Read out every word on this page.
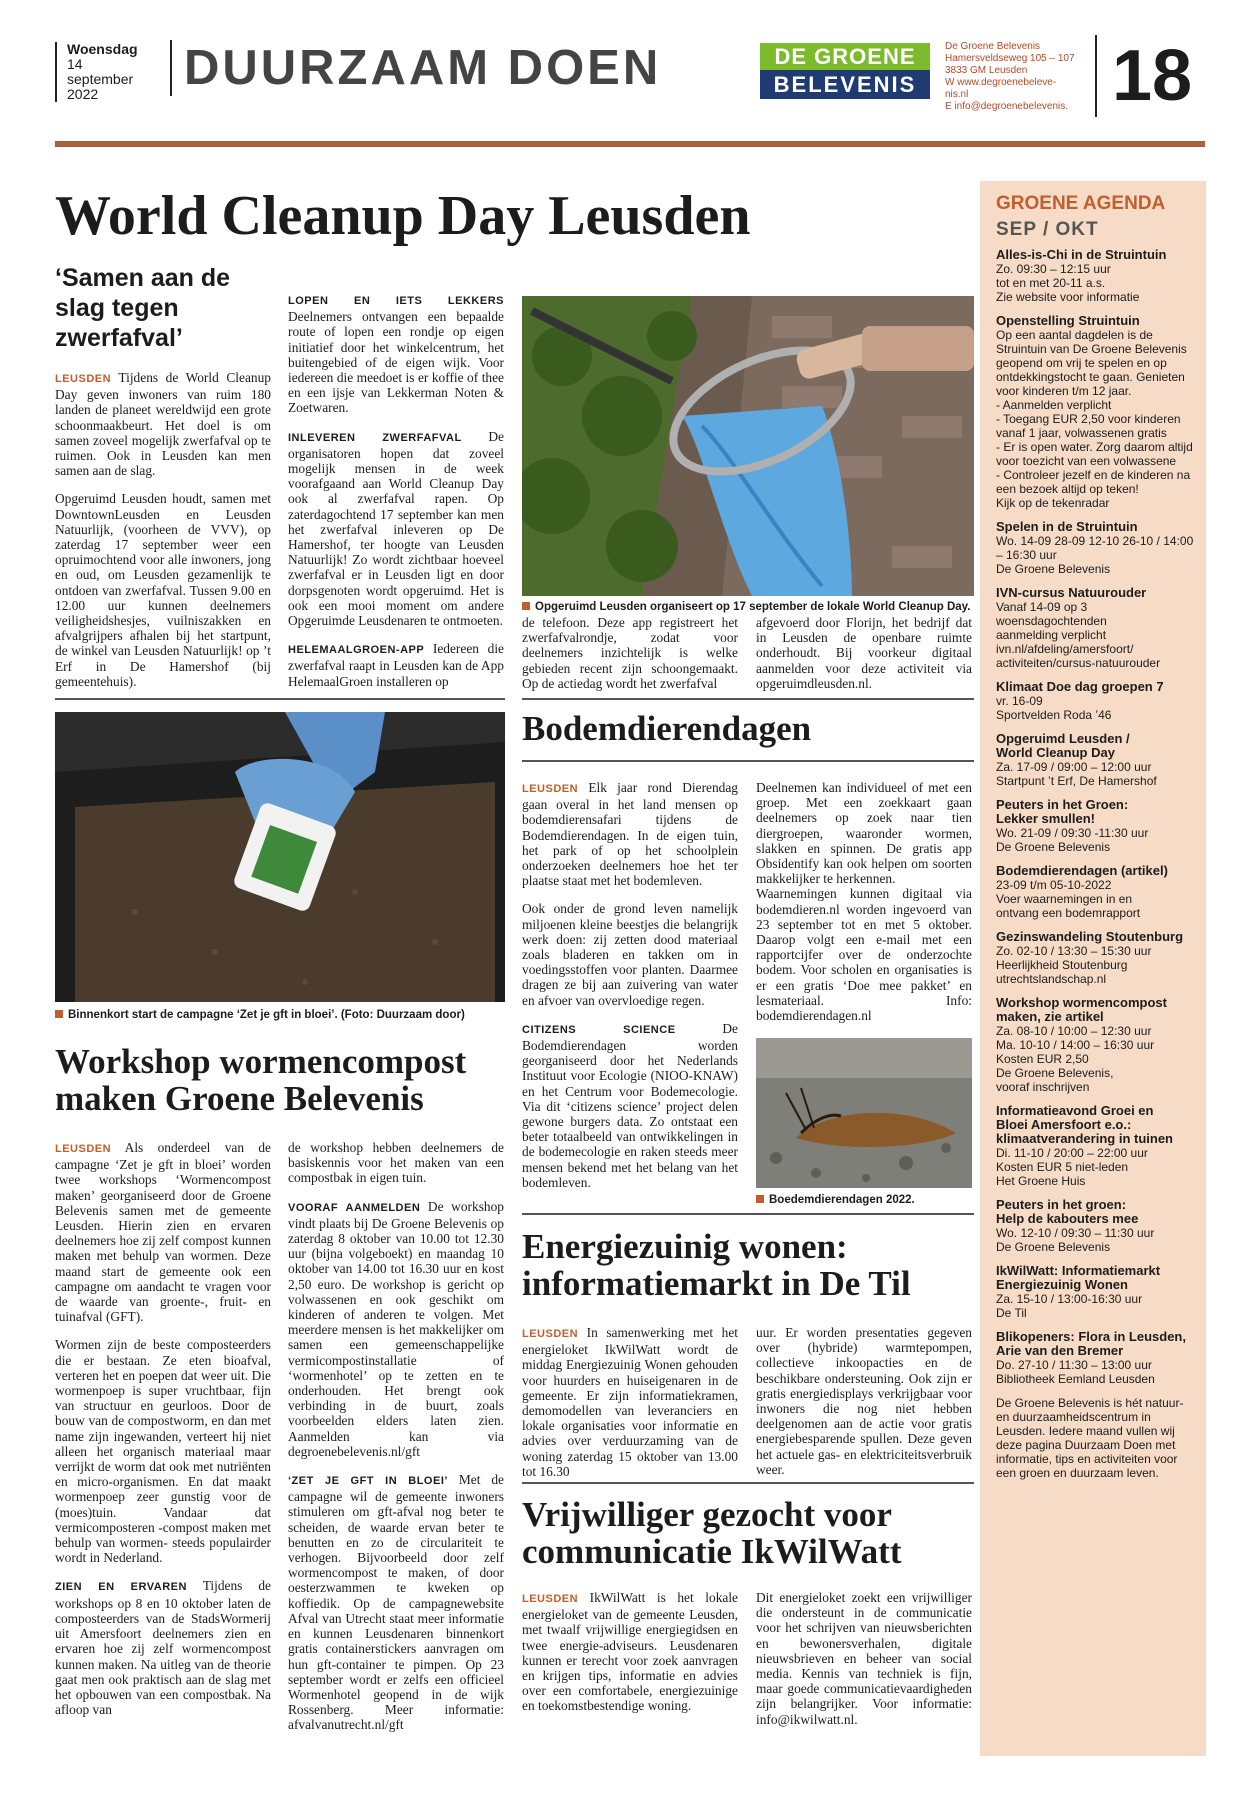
Woensdag
14
september
2022	DUURZAAM DOEN	DE GROENE
BELEVENIS
De Groene Belevenis
Hamersveldseweg 105 – 107
3833 GM Leusden
W www.degroenebeleve-
nis.nl
E info@degroenebelevenis. 18
World Cleanup Day Leusden
‘Samen aan de slag tegen zwerfafval’

LEUSDEN Tijdens de World Cleanup Day geven inwoners van ruim 180 landen de planeet wereldwijd een grote schoonmaakbeurt. Het doel is om samen zoveel mogelijk zwerfafval op te ruimen. Ook in Leusden kan men samen aan de slag.

Opgeruimd Leusden houdt, samen met DowntownLeusden en Leusden Natuurlijk, (voorheen de VVV), op zaterdag 17 september weer een opruimochtend voor alle inwoners, jong en oud, om Leusden gezamenlijk te ontdoen van zwerfafval. Tussen 9.00 en 12.00 uur kunnen deelnemers veiligheidshesjes, vuilniszakken en afvalgrijpers afhalen bij het startpunt, de winkel van Leusden Natuurlijk! op ’t Erf in De Hamershof (bij gemeentehuis).

LOPEN EN IETS LEKKERS Deelnemers ontvangen een bepaalde route of lopen een rondje op eigen initiatief door het winkelcentrum, het buitengebied of de eigen wijk. Voor iedereen die meedoet is er koffie of thee en een ijsje van Lekkerman Noten & Zoetwaren.

INLEVEREN ZWERFAFVAL De organisatoren hopen dat zoveel mogelijk mensen in de week voorafgaand aan World Cleanup Day ook al zwerfafval rapen. Op zaterdagochtend 17 september kan men het zwerfafval inleveren op De Hamershof, ter hoogte van Leusden Natuurlijk! Zo wordt zichtbaar hoeveel zwerfafval er in Leusden ligt en door dorpsgenoten wordt opgeruimd. Het is ook een mooi moment om andere Opgeruimde Leusdenaren te ontmoeten.

HELEMAALGROEN-APP Iedereen die zwerfafval raapt in Leusden kan de App HelemaalGroen installeren op

Opgeruimd Leusden organiseert op 17 september de lokale World Cleanup Day.

de telefoon. Deze app registreert het zwerfafvalrondje, zodat voor deelnemers inzichtelijk is welke gebieden recent zijn schoongemaakt. Op de actiedag wordt het zwerfafval

afgevoerd door Florijn, het bedrijf dat in Leusden de openbare ruimte onderhoudt. Bij voorkeur digitaal aanmelden voor deze activiteit via opgeruimdleusden.nl.

Binnenkort start de campagne ‘Zet je gft in bloei’. (Foto: Duurzaam door)
Workshop wormencompost maken Groene Belevenis

LEUSDEN Als onderdeel van de campagne ‘Zet je gft in bloei’ worden twee workshops ‘Wormencompost maken’ georganiseerd door de Groene Belevenis samen met de gemeente Leusden. Hierin zien en ervaren deelnemers hoe zij zelf compost kunnen maken met behulp van wormen. Deze maand start de gemeente ook een campagne om aandacht te vragen voor de waarde van groente-, fruit- en tuinafval (GFT).

Wormen zijn de beste composteerders die er bestaan. Ze eten bioafval, verteren het en poepen dat weer uit. Die wormenpoep is super vruchtbaar, fijn van structuur en geurloos. Door de bouw van de compostworm, en dan met name zijn ingewanden, verteert hij niet alleen het organisch materiaal maar verrijkt de worm dat ook met nutriënten en micro-organismen. En dat maakt wormenpoep zeer gunstig voor de (moes)tuin. Vandaar dat vermicomposteren -compost maken met behulp van wormen- steeds populairder wordt in Nederland.

ZIEN EN ERVAREN Tijdens de workshops op 8 en 10 oktober laten de composteerders van de StadsWormerij uit Amersfoort deelnemers zien en ervaren hoe zij zelf wormencompost kunnen maken. Na uitleg van de theorie gaat men ook praktisch aan de slag met het opbouwen van een compostbak. Na afloop van

de workshop hebben deelnemers de basiskennis voor het maken van een compostbak in eigen tuin.

VOORAF AANMELDEN De workshop vindt plaats bij De Groene Belevenis op zaterdag 8 oktober van 10.00 tot 12.30 uur (bijna volgeboekt) en maandag 10 oktober van 14.00 tot 16.30 uur en kost 2,50 euro. De workshop is gericht op volwassenen en ook geschikt om kinderen of anderen te volgen. Met meerdere mensen is het makkelijker om samen een gemeenschappelijke vermicompostinstallatie of ‘wormenhotel’ op te zetten en te onderhouden. Het brengt ook verbinding in de buurt, zoals voorbeelden elders laten zien. Aanmelden kan via degroenebelevenis.nl/gft

‘ZET JE GFT IN BLOEI’ Met de campagne wil de gemeente inwoners stimuleren om gft-afval nog beter te scheiden, de waarde ervan beter te benutten en zo de circulariteit te verhogen. Bijvoorbeeld door zelf wormencompost te maken, of door oesterzwammen te kweken op koffiedik. Op de campagnewebsite Afval van Utrecht staat meer informatie en kunnen Leusdenaren binnenkort gratis containerstickers aanvragen om hun gft-container te pimpen. Op 23 september wordt er zelfs een officieel Wormenhotel geopend in de wijk Rossenberg. Meer informatie: afvalvanutrecht.nl/gft

Bodemdierendagen

LEUSDEN Elk jaar rond Dierendag gaan overal in het land mensen op bodemdierensafari tijdens de Bodemdierendagen. In de eigen tuin, het park of op het schoolplein onderzoeken deelnemers hoe het ter plaatse staat met het bodemleven.

Ook onder de grond leven namelijk miljoenen kleine beestjes die belangrijk werk doen: zij zetten dood materiaal zoals bladeren en takken om in voedingsstoffen voor planten. Daarmee dragen ze bij aan zuivering van water en afvoer van overvloedige regen.

CITIZENS SCIENCE	De Bodemdierendagen worden georganiseerd door het Nederlands Instituut voor Ecologie (NIOO-KNAW) en het Centrum voor Bodemecologie. Via dit ‘citizens science’ project delen gewone burgers data. Zo ontstaat een beter totaalbeeld van ontwikkelingen in de bodemecologie en raken steeds meer mensen bekend met het belang van het bodemleven.

Deelnemen kan individueel of met een groep. Met een zoekkaart gaan deelnemers op zoek naar tien diergroepen, waaronder wormen, slakken en spinnen. De gratis app Obsidentify kan ook helpen om soorten makkelijker te herkennen.

Waarnemingen kunnen digitaal via bodemdieren.nl worden ingevoerd van 23 september tot en met 5 oktober. Daarop volgt een e-mail met een rapportcijfer over de onderzochte bodem. Voor scholen en organisaties is er een gratis ‘Doe mee pakket’ en lesmateriaal. Info: bodemdierendagen.nl

Boedemdierendagen 2022.
Energiezuinig wonen: informatiemarkt in De Til

LEUSDEN In samenwerking met het energieloket IkWilWatt wordt de middag Energiezuinig Wonen gehouden voor huurders en huiseigenaren in de gemeente. Er zijn informatiekramen, demomodellen van leveranciers en lokale organisaties voor informatie en advies over verduurzaming van de woning zaterdag 15 oktober van 13.00 tot 16.30

uur. Er worden presentaties gegeven over (hybride) warmtepompen, collectieve inkoopacties en de beschikbare ondersteuning. Ook zijn er gratis energiedisplays verkrijgbaar voor inwoners die nog niet hebben deelgenomen aan de actie voor gratis energiebesparende spullen. Deze geven het actuele gas- en elektriciteitsverbruik weer.

Vrijwilliger gezocht voor communicatie IkWilWatt

LEUSDEN IkWilWatt is het lokale energieloket van de gemeente Leusden, met twaalf vrijwillige energiegidsen en twee energie-adviseurs. Leusdenaren kunnen er terecht voor zoek aanvragen en krijgen tips, informatie en advies over een comfortabele, energiezuinige en toekomstbestendige woning.

Dit energieloket zoekt een vrijwilliger die ondersteunt in de communicatie voor het schrijven van nieuwsberichten en bewonersverhalen, digitale nieuwsbrieven en beheer van social media. Kennis van techniek is fijn, maar goede communicatievaardigheden zijn belangrijker. Voor informatie: info@ikwilwatt.nl.

GROENE AGENDA
SEP / OKT
Alles-is-Chi in de Struintuin
Zo. 09:30 – 12:15 uur
tot en met 20-11 a.s.
Zie website voor informatie
Openstelling Struintuin
Op een aantal dagdelen is de Struintuin van De Groene Belevenis geopend om vrij te spelen en op ontdekkingstocht te gaan. Genieten voor kinderen t/m 12 jaar.
- Aanmelden verplicht
- Toegang EUR 2,50 voor kinderen vanaf 1 jaar, volwassenen gratis
- Er is open water. Zorg daarom altijd voor toezicht van een volwassene
- Controleer jezelf en de kinderen na een bezoek altijd op teken!
Kijk op de tekenradar
Spelen in de Struintuin
Wo. 14-09 28-09 12-10 26-10 / 14:00 – 16:30 uur
De Groene Belevenis
IVN-cursus Natuurouder
Vanaf 14-09 op 3 woensdagochtenden
aanmelding verplicht
ivn.nl/afdeling/amersfoort/
activiteiten/cursus-natuurouder
Klimaat Doe dag groepen 7
vr. 16-09
Sportvelden Roda ’46
Opgeruimd Leusden /
World Cleanup Day
Za. 17-09 / 09:00 – 12:00 uur
Startpunt ’t Erf, De Hamershof
Peuters in het Groen:
Lekker smullen!
Wo. 21-09 / 09:30 -11:30 uur
De Groene Belevenis
Bodemdierendagen (artikel)
23-09 t/m 05-10-2022
Voer waarnemingen in en
ontvang een bodemrapport
Gezinswandeling Stoutenburg
Zo. 02-10 / 13:30 – 15:30 uur
Heerlijkheid Stoutenburg
utrechtslandschap.nl
Workshop wormencompost
maken, zie artikel
Za. 08-10 / 10:00 – 12:30 uur
Ma. 10-10 / 14:00 – 16:30 uur
Kosten EUR 2,50
De Groene Belevenis,
vooraf inschrijven
Informatieavond Groei en
Bloei Amersfoort e.o.:
klimaatverandering in tuinen
Di. 11-10 / 20:00 – 22:00 uur
Kosten EUR 5 niet-leden
Het Groene Huis
Peuters in het groen:
Help de kabouters mee
Wo. 12-10 / 09:30 – 11:30 uur
De Groene Belevenis
IkWilWatt: Informatiemarkt
Energiezuinig Wonen
Za. 15-10 / 13:00-16:30 uur
De Til
Blikopeners: Flora in Leusden,
Arie van den Bremer
Do. 27-10 / 11:30 – 13:00 uur
Bibliotheek Eemland Leusden
De Groene Belevenis is hét natuur- en duurzaamheidscentrum in Leusden. Iedere maand vullen wij deze pagina Duurzaam Doen met informatie, tips en activiteiten voor een groen en duurzaam leven.
